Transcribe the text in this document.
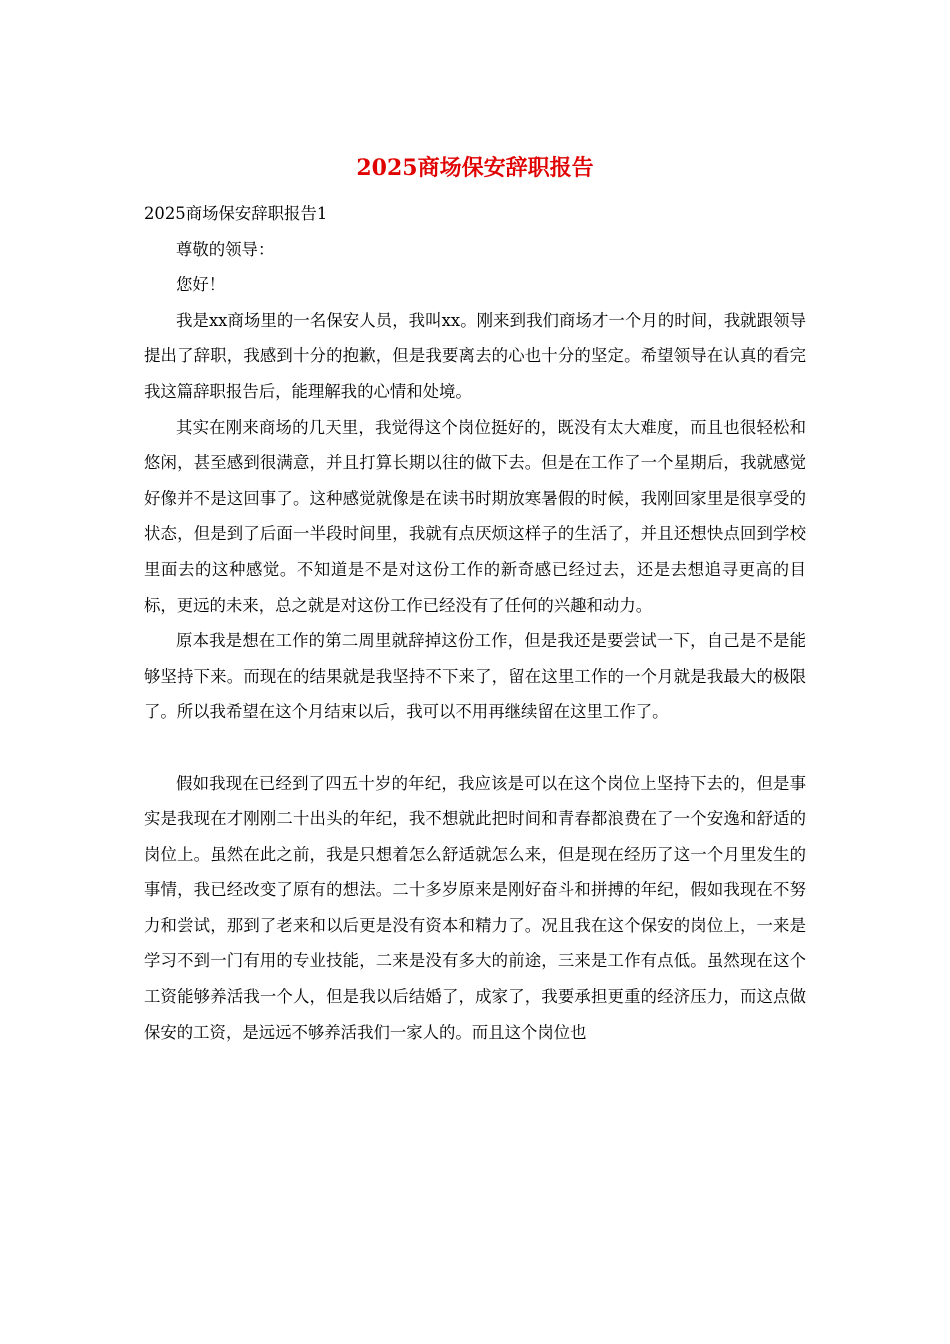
2025商场保安辞职报告

2025商场保安辞职报告1

尊敬的领导：

您好！

我是xx商场里的一名保安人员，我叫xx。刚来到我们商场才一个月的时间，我就跟领导提出了辞职，我感到十分的抱歉，但是我要离去的心也十分的坚定。希望领导在认真的看完我这篇辞职报告后，能理解我的心情和处境。

其实在刚来商场的几天里，我觉得这个岗位挺好的，既没有太大难度，而且也很轻松和悠闲，甚至感到很满意，并且打算长期以往的做下去。但是在工作了一个星期后，我就感觉好像并不是这回事了。这种感觉就像是在读书时期放寒暑假的时候，我刚回家里是很享受的状态，但是到了后面一半段时间里，我就有点厌烦这样子的生活了，并且还想快点回到学校里面去的这种感觉。不知道是不是对这份工作的新奇感已经过去，还是去想追寻更高的目标，更远的未来，总之就是对这份工作已经没有了任何的兴趣和动力。

原本我是想在工作的第二周里就辞掉这份工作，但是我还是要尝试一下，自己是不是能够坚持下来。而现在的结果就是我坚持不下来了，留在这里工作的一个月就是我最大的极限了。所以我希望在这个月结束以后，我可以不用再继续留在这里工作了。

假如我现在已经到了四五十岁的年纪，我应该是可以在这个岗位上坚持下去的，但是事实是我现在才刚刚二十出头的年纪，我不想就此把时间和青春都浪费在了一个安逸和舒适的岗位上。虽然在此之前，我是只想着怎么舒适就怎么来，但是现在经历了这一个月里发生的事情，我已经改变了原有的想法。二十多岁原来是刚好奋斗和拼搏的年纪，假如我现在不努力和尝试，那到了老来和以后更是没有资本和精力了。况且我在这个保安的岗位上，一来是学习不到一门有用的专业技能，二来是没有多大的前途，三来是工作有点低。虽然现在这个工资能够养活我一个人，但是我以后结婚了，成家了，我要承担更重的经济压力，而这点做保安的工资，是远远不够养活我们一家人的。而且这个岗位也
